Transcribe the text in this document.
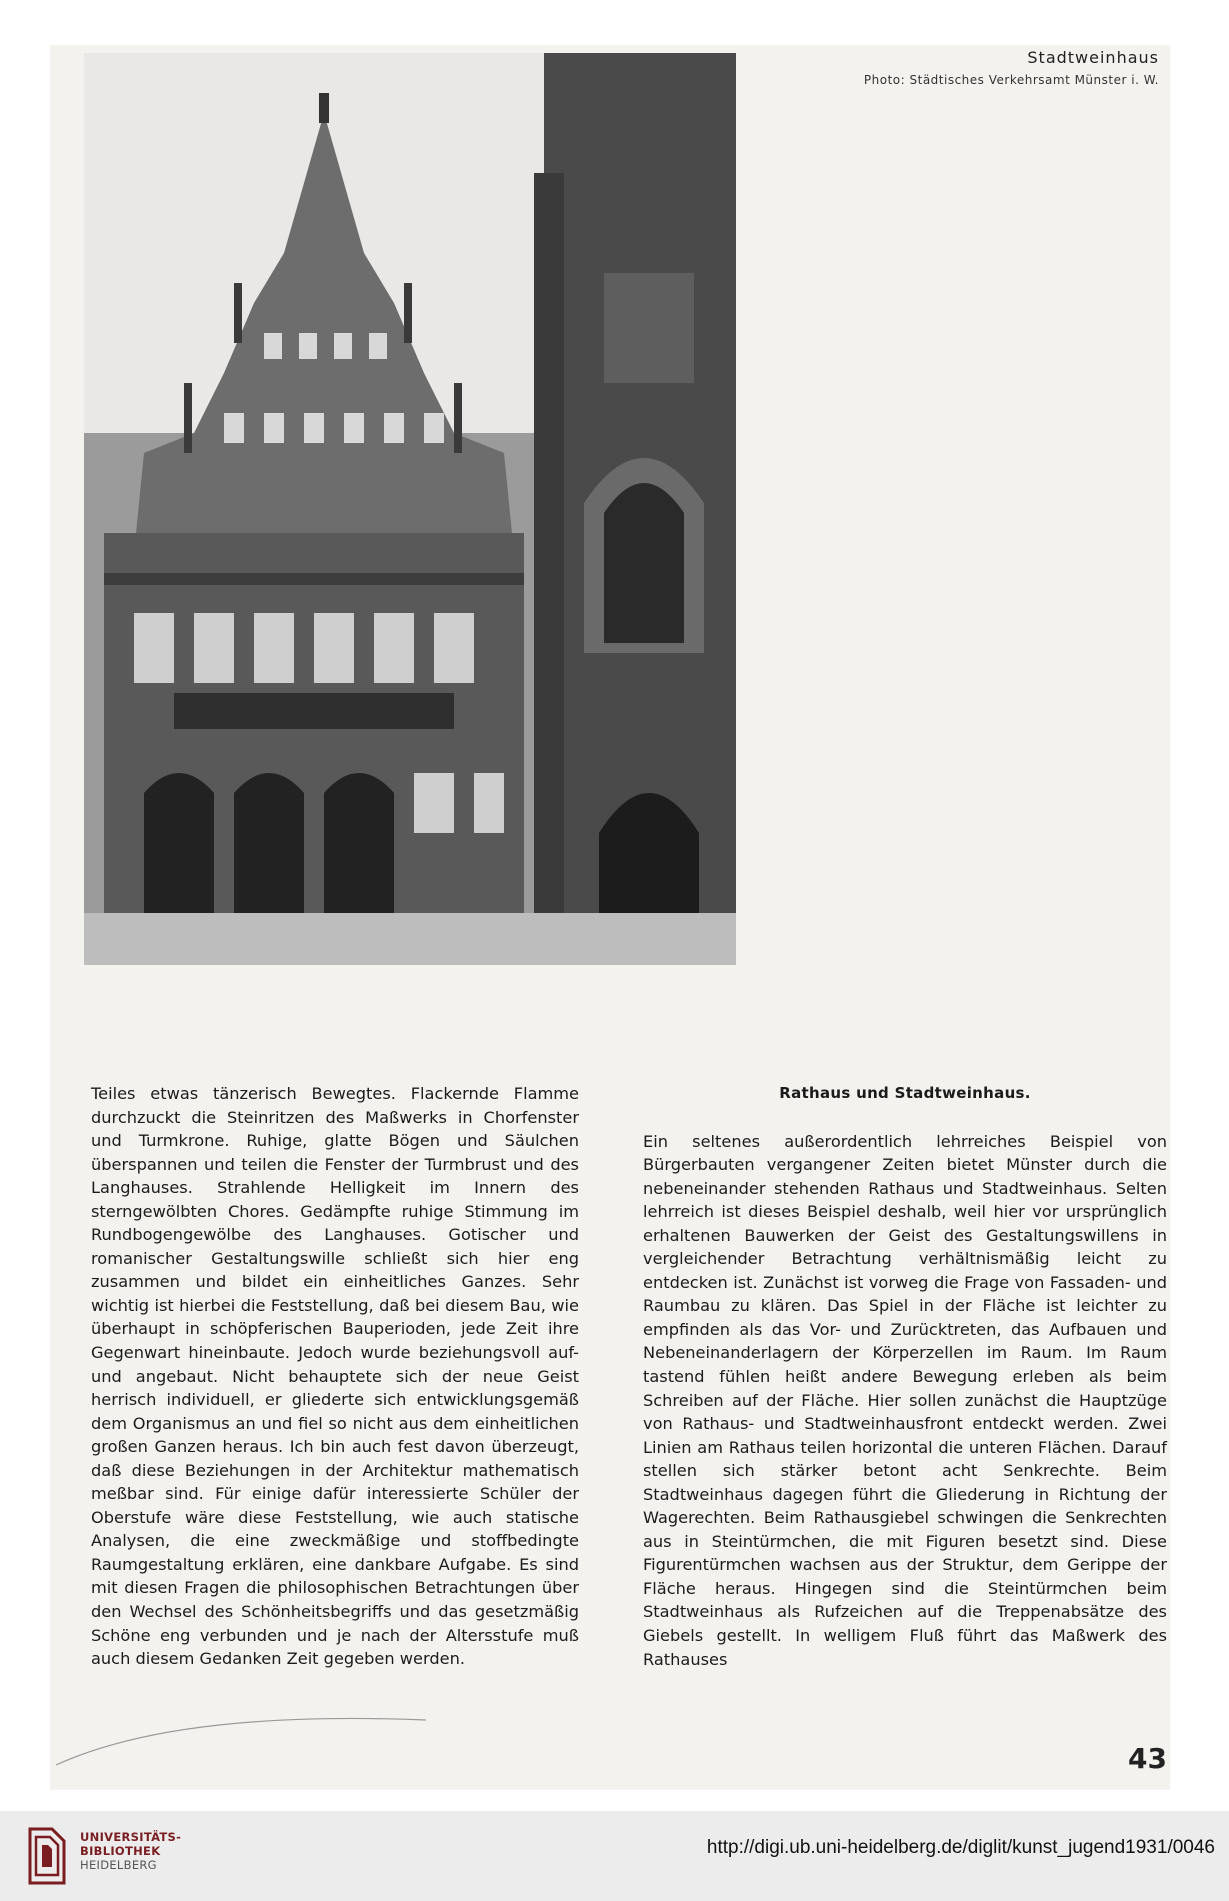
Stadtweinhaus
Photo: Städtisches Verkehrsamt Münster i. W.

Teiles etwas tänzerisch Bewegtes. Flackernde Flamme durchzuckt die Steinritzen des Maßwerks in Chorfenster und Turmkrone. Ruhige, glatte Bögen und Säulchen überspannen und teilen die Fenster der Turmbrust und des Langhauses. Strahlende Helligkeit im Innern des sterngewölbten Chores. Gedämpfte ruhige Stimmung im Rundbogengewölbe des Langhauses. Gotischer und romanischer Gestaltungswille schließt sich hier eng zusammen und bildet ein einheitliches Ganzes. Sehr wichtig ist hierbei die Feststellung, daß bei diesem Bau, wie überhaupt in schöpferischen Bauperioden, jede Zeit ihre Gegenwart hineinbaute. Jedoch wurde beziehungsvoll auf- und angebaut. Nicht behauptete sich der neue Geist herrisch individuell, er gliederte sich entwicklungsgemäß dem Organismus an und fiel so nicht aus dem einheitlichen großen Ganzen heraus. Ich bin auch fest davon überzeugt, daß diese Beziehungen in der Architektur mathematisch meßbar sind. Für einige dafür interessierte Schüler der Oberstufe wäre diese Feststellung, wie auch statische Analysen, die eine zweckmäßige und stoffbedingte Raumgestaltung erklären, eine dankbare Aufgabe. Es sind mit diesen Fragen die philosophischen Betrachtungen über den Wechsel des Schönheitsbegriffs und das gesetzmäßig Schöne eng verbunden und je nach der Altersstufe muß auch diesem Gedanken Zeit gegeben werden.

Rathaus und Stadtweinhaus.

Ein seltenes außerordentlich lehrreiches Beispiel von Bürgerbauten vergangener Zeiten bietet Münster durch die nebeneinander stehenden Rathaus und Stadtweinhaus. Selten lehrreich ist dieses Beispiel deshalb, weil hier vor ursprünglich erhaltenen Bauwerken der Geist des Gestaltungswillens in vergleichender Betrachtung verhältnismäßig leicht zu entdecken ist. Zunächst ist vorweg die Frage von Fassaden- und Raumbau zu klären. Das Spiel in der Fläche ist leichter zu empfinden als das Vor- und Zurücktreten, das Aufbauen und Nebeneinanderlagern der Körperzellen im Raum. Im Raum tastend fühlen heißt andere Bewegung erleben als beim Schreiben auf der Fläche. Hier sollen zunächst die Hauptzüge von Rathaus- und Stadtweinhausfront entdeckt werden. Zwei Linien am Rathaus teilen horizontal die unteren Flächen. Darauf stellen sich stärker betont acht Senkrechte. Beim Stadtweinhaus dagegen führt die Gliederung in Richtung der Wagerechten. Beim Rathausgiebel schwingen die Senkrechten aus in Steintürmchen, die mit Figuren besetzt sind. Diese Figurentürmchen wachsen aus der Struktur, dem Gerippe der Fläche heraus. Hingegen sind die Steintürmchen beim Stadtweinhaus als Rufzeichen auf die Treppenabsätze des Giebels gestellt. In welligem Fluß führt das Maßwerk des Rathauses

43
UNIVERSITÄTS-
BIBLIOTHEK
HEIDELBERG
http://digi.ub.uni-heidelberg.de/diglit/kunst_jugend1931/0046
